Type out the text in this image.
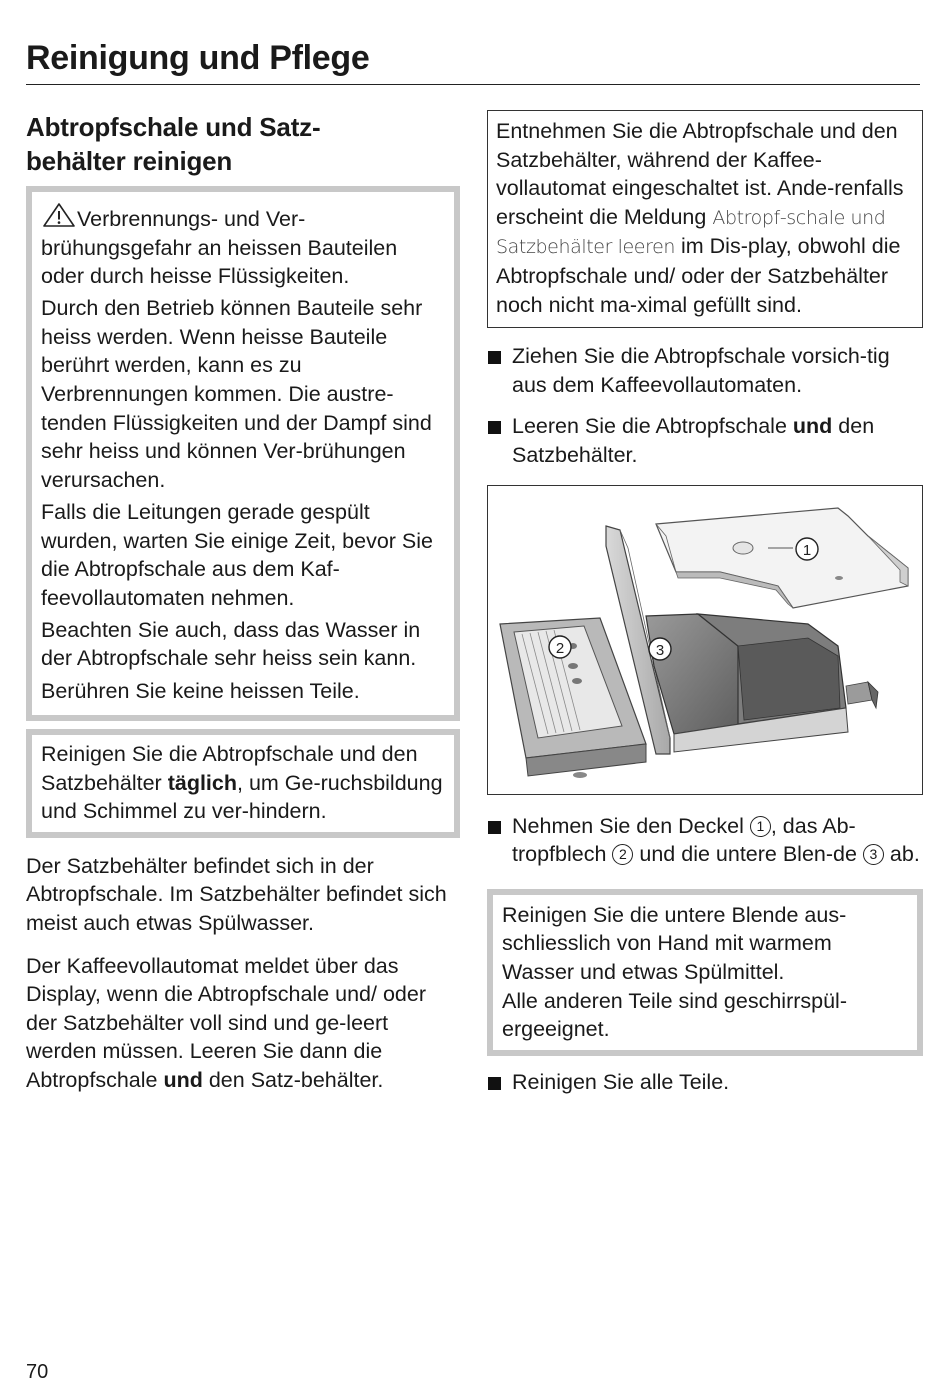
Reinigung und Pflege
Abtropfschale und Satz-
behälter reinigen

Verbrennungs- und Ver-brühungsgefahr an heissen Bauteilen oder durch heisse Flüssigkeiten.

Durch den Betrieb können Bauteile sehr heiss werden. Wenn heisse Bauteile berührt werden, kann es zu Verbrennungen kommen. Die austre-tenden Flüssigkeiten und der Dampf sind sehr heiss und können Ver-brühungen verursachen.

Falls die Leitungen gerade gespült wurden, warten Sie einige Zeit, bevor Sie die Abtropfschale aus dem Kaf-feevollautomaten nehmen.

Beachten Sie auch, dass das Wasser in der Abtropfschale sehr heiss sein kann.

Berühren Sie keine heissen Teile.

Reinigen Sie die Abtropfschale und den Satzbehälter täglich, um Ge-ruchsbildung und Schimmel zu ver-hindern.

Der Satzbehälter befindet sich in der Abtropfschale. Im Satzbehälter befindet sich meist auch etwas Spülwasser.

Der Kaffeevollautomat meldet über das Display, wenn die Abtropfschale und/ oder der Satzbehälter voll sind und ge-leert werden müssen. Leeren Sie dann die Abtropfschale und den Satz-behälter.

Entnehmen Sie die Abtropfschale und den Satzbehälter, während der Kaffee-vollautomat eingeschaltet ist. Ande-renfalls erscheint die Meldung Abtropf-schale und Satzbehälter leeren im Dis-play, obwohl die Abtropfschale und/ oder der Satzbehälter noch nicht ma-ximal gefüllt sind.

Ziehen Sie die Abtropfschale vorsich-tig aus dem Kaffeevollautomaten.
Leeren Sie die Abtropfschale und den Satzbehälter.
1
2	3
Nehmen Sie den Deckel 1 , das Ab-tropfblech 2 und die untere Blen-de 3 ab.

Reinigen Sie die untere Blende aus-schliesslich von Hand mit warmem Wasser und etwas Spülmittel.

Alle anderen Teile sind geschirrspül-ergeeignet.

Reinigen Sie alle Teile.

70
